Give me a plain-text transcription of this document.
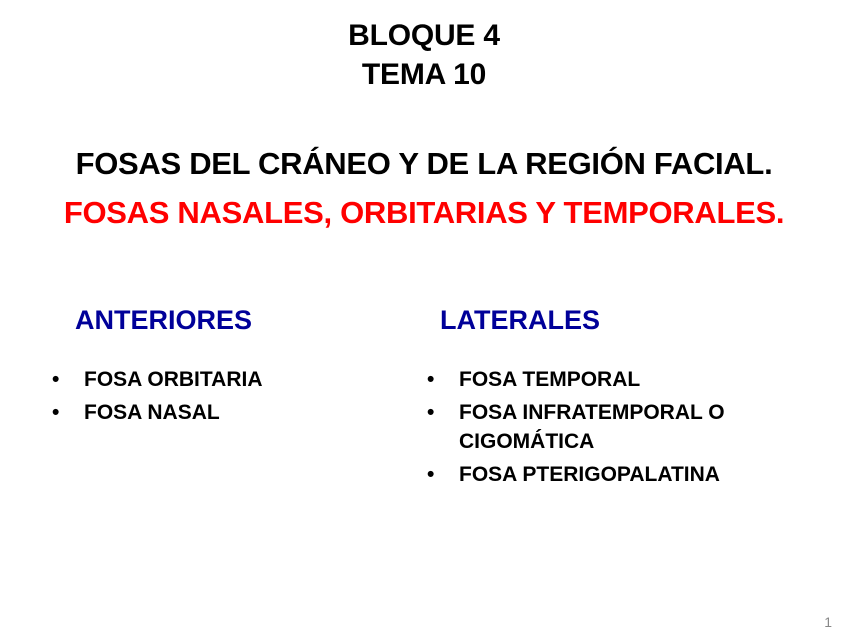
BLOQUE 4
TEMA 10
FOSAS DEL CRÁNEO Y DE LA REGIÓN FACIAL.
FOSAS NASALES, ORBITARIAS Y TEMPORALES.
ANTERIORES	LATERALES
•	FOSA ORBITARIA
•	FOSA NASAL
•	FOSA TEMPORAL
•	FOSA INFRATEMPORAL O CIGOMÁTICA
•	FOSA PTERIGOPALATINA
1
